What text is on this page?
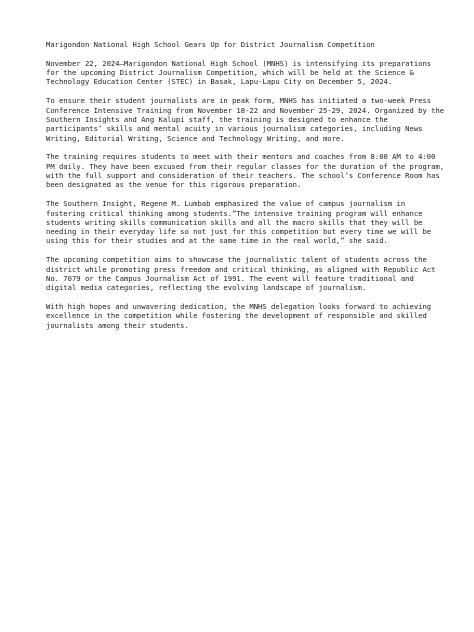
Marigondon National High School Gears Up for District Journalism Competition

November 22, 2024—Marigondon National High School (MNHS) is intensifying its preparations for the upcoming District Journalism Competition, which will be held at the Science & Technology Education Center (STEC) in Basak, Lapu-Lapu City on December 5, 2024.

To ensure their student journalists are in peak form, MNHS has initiated a two-week Press Conference Intensive Training from November 18-22 and November 25-29, 2024. Organized by the Southern Insights and Ang Kalupi staff, the training is designed to enhance the participants’ skills and mental acuity in various journalism categories, including News Writing, Editorial Writing, Science and Technology Writing, and more.

The training requires students to meet with their mentors and coaches from 8:00 AM to 4:00 PM daily. They have been excused from their regular classes for the duration of the program, with the full support and consideration of their teachers. The school’s Conference Room has been designated as the venue for this rigorous preparation.

The Southern Insight, Regene M. Lumbab emphasized the value of campus journalism in fostering critical thinking among students.”The intensive training program will enhance students writing skills communication skills and all the macro skills that they will be needing in their everyday life so not just for this competition but every time we will be using this for their studies and at the same time in the real world,” she said.

The upcoming competition aims to showcase the journalistic talent of students across the district while promoting press freedom and critical thinking, as aligned with Republic Act No. 7079 or the Campus Journalism Act of 1991. The event will feature traditional and digital media categories, reflecting the evolving landscape of journalism.

With high hopes and unwavering dedication, the MNHS delegation looks forward to achieving excellence in the competition while fostering the development of responsible and skilled journalists among their students.
